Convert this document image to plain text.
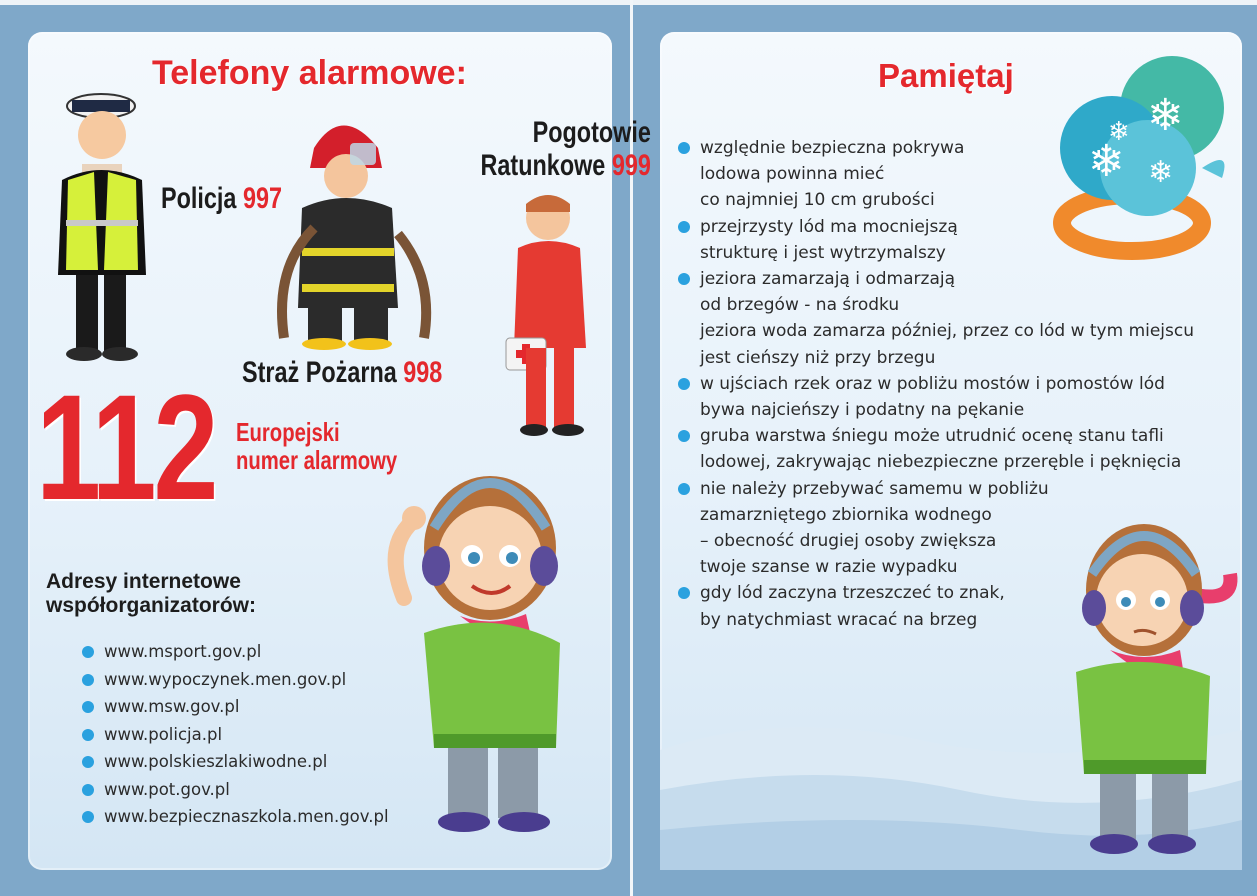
Telefony alarmowe:
Policja 997
Pogotowie
Ratunkowe 999
Straż Pożarna 998
112 Europejski
numer alarmowy
Adresy internetowe
współorganizatorów:
www.msport.gov.pl
www.wypoczynek.men.gov.pl
www.msw.gov.pl
www.policja.pl
www.polskieszlakiwodne.pl
www.pot.gov.pl
www.bezpiecznaszkola.men.gov.pl
Pamiętaj
❄
❄ ❄
❄
względnie bezpieczna pokrywa
lodowa powinna mieć
co najmniej 10 cm grubości
przejrzysty lód ma mocniejszą
strukturę i jest wytrzymalszy
jeziora zamarzają i odmarzają
od brzegów - na środku
jeziora woda zamarza później, przez co lód w tym miejscu
jest cieńszy niż przy brzegu
w ujściach rzek oraz w pobliżu mostów i pomostów lód
bywa najcieńszy i podatny na pękanie
gruba warstwa śniegu może utrudnić ocenę stanu tafli
lodowej, zakrywając niebezpieczne przeręble i pęknięcia
nie należy przebywać samemu w pobliżu
zamarzniętego zbiornika wodnego
– obecność drugiej osoby zwiększa
twoje szanse w razie wypadku
gdy lód zaczyna trzeszczeć to znak,
by natychmiast wracać na brzeg
